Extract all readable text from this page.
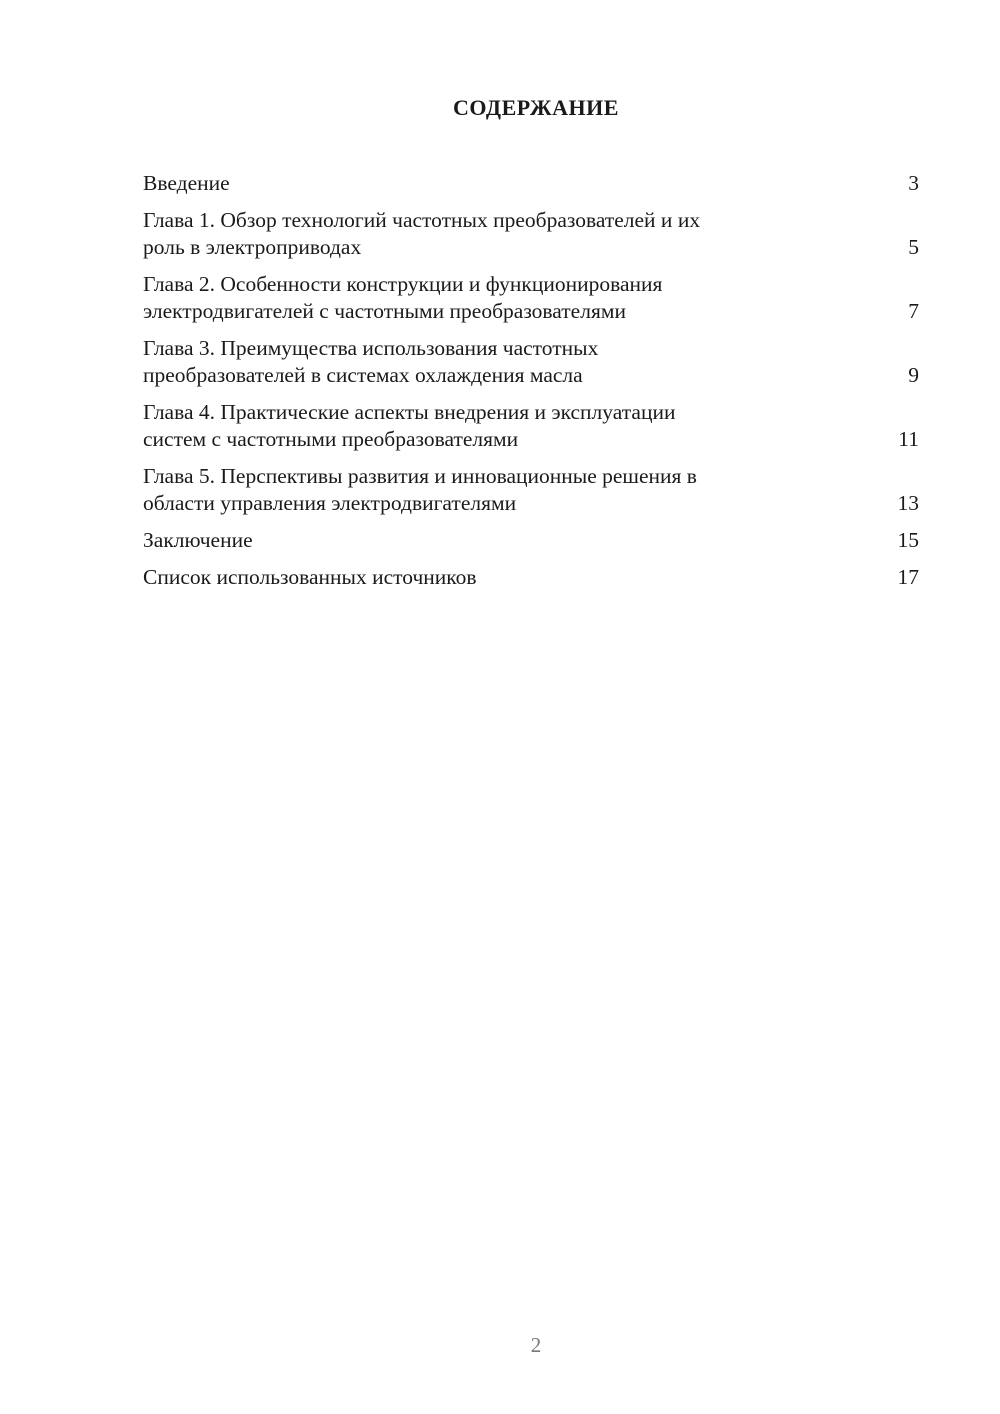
СОДЕРЖАНИЕ
Введение	3
Глава 1. Обзор технологий частотных преобразователей и их
роль в электроприводах	5
Глава 2. Особенности конструкции и функционирования
электродвигателей с частотными преобразователями	7
Глава 3. Преимущества использования частотных
преобразователей в системах охлаждения масла	9
Глава 4. Практические аспекты внедрения и эксплуатации
систем с частотными преобразователями	11
Глава 5. Перспективы развития и инновационные решения в
области управления электродвигателями	13
Заключение	15
Список использованных источников	17
2
